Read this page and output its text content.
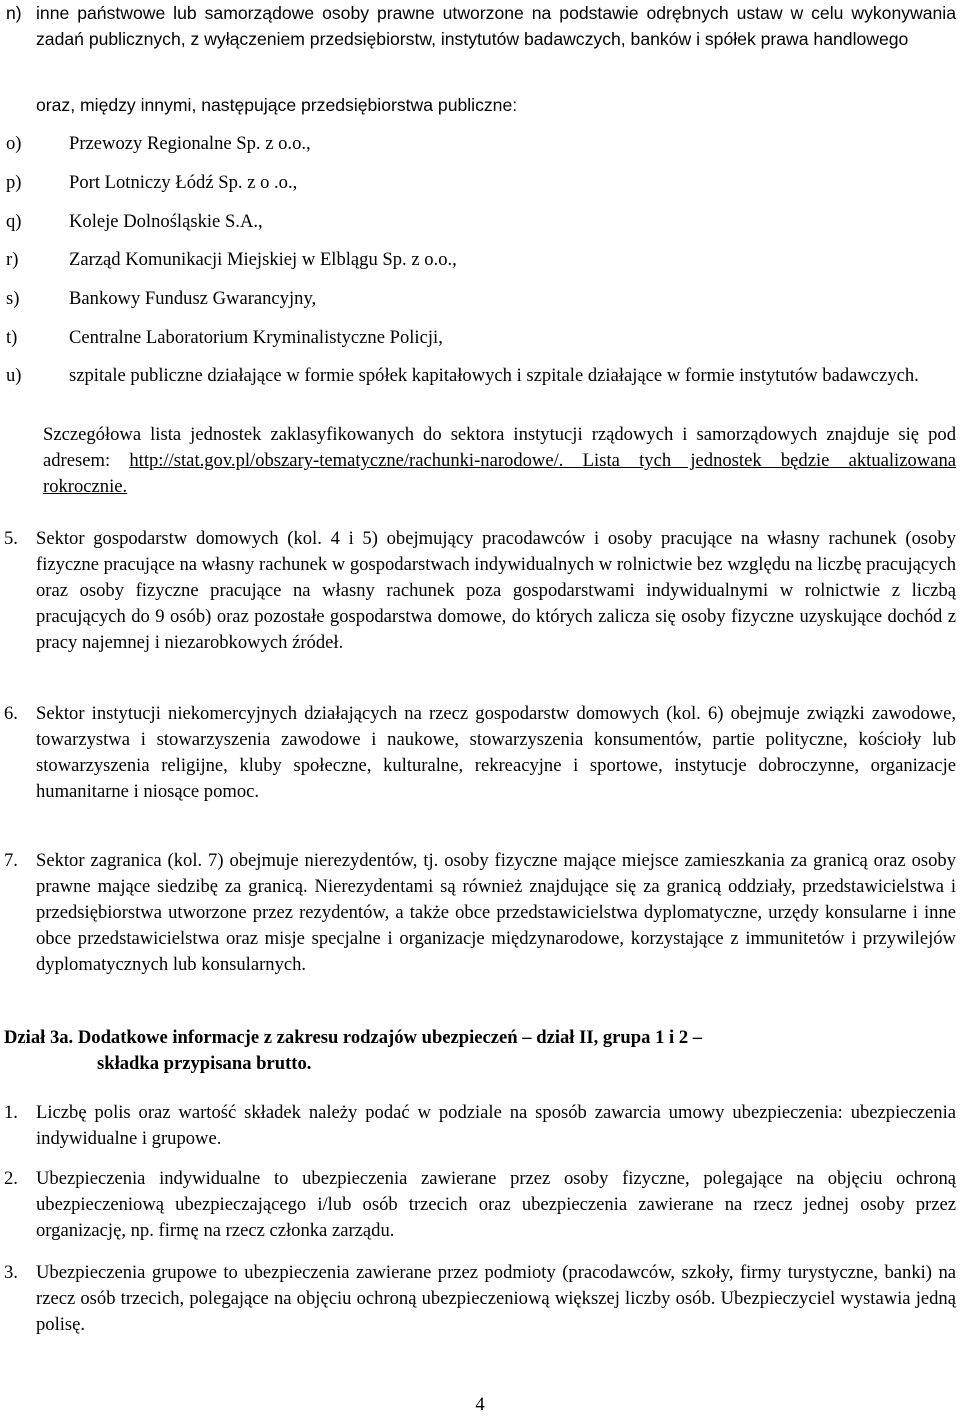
n) inne państwowe lub samorządowe osoby prawne utworzone na podstawie odrębnych ustaw w celu wykonywania zadań publicznych, z wyłączeniem przedsiębiorstw, instytutów badawczych, banków i spółek prawa handlowego
oraz, między innymi, następujące przedsiębiorstwa publiczne:
o)	Przewozy Regionalne Sp. z o.o.,
p)	Port Lotniczy Łódź Sp. z o .o.,
q)	Koleje Dolnośląskie S.A.,
r)	Zarząd Komunikacji Miejskiej w Elblągu Sp. z o.o.,
s)	Bankowy Fundusz Gwarancyjny,
t)	Centralne Laboratorium Kryminalistyczne Policji,
u)	szpitale publiczne działające w formie spółek kapitałowych i szpitale działające w formie instytutów badawczych.
Szczegółowa lista jednostek zaklasyfikowanych do sektora instytucji rządowych i samorządowych znajduje się pod adresem: http://stat.gov.pl/obszary-tematyczne/rachunki-narodowe/. Lista tych jednostek będzie aktualizowana rokrocznie.
5. Sektor gospodarstw domowych (kol. 4 i 5) obejmujący pracodawców i osoby pracujące na własny rachunek (osoby fizyczne pracujące na własny rachunek w gospodarstwach indywidualnych w rolnictwie bez względu na liczbę pracujących oraz osoby fizyczne pracujące na własny rachunek poza gospodarstwami indywidualnymi w rolnictwie z liczbą pracujących do 9 osób) oraz pozostałe gospodarstwa domowe, do których zalicza się osoby fizyczne uzyskujące dochód z pracy najemnej i niezarobkowych źródeł.
6. Sektor instytucji niekomercyjnych działających na rzecz gospodarstw domowych (kol. 6) obejmuje związki zawodowe, towarzystwa i stowarzyszenia zawodowe i naukowe, stowarzyszenia konsumentów, partie polityczne, kościoły lub stowarzyszenia religijne, kluby społeczne, kulturalne, rekreacyjne i sportowe, instytucje dobroczynne, organizacje humanitarne i niosące pomoc.
7. Sektor zagranica (kol. 7) obejmuje nierezydentów, tj. osoby fizyczne mające miejsce zamieszkania za granicą oraz osoby prawne mające siedzibę za granicą. Nierezydentami są również znajdujące się za granicą oddziały, przedstawicielstwa i przedsiębiorstwa utworzone przez rezydentów, a także obce przedstawicielstwa dyplomatyczne, urzędy konsularne i inne obce przedstawicielstwa oraz misje specjalne i organizacje międzynarodowe, korzystające z immunitetów i przywilejów dyplomatycznych lub konsularnych.
Dział 3a. Dodatkowe informacje z zakresu rodzajów ubezpieczeń – dział II, grupa 1 i 2 –
składka przypisana brutto.
1. Liczbę polis oraz wartość składek należy podać w podziale na sposób zawarcia umowy ubezpieczenia: ubezpieczenia indywidualne i grupowe.
2. Ubezpieczenia indywidualne to ubezpieczenia zawierane przez osoby fizyczne, polegające na objęciu ochroną ubezpieczeniową ubezpieczającego i/lub osób trzecich oraz ubezpieczenia zawierane na rzecz jednej osoby przez organizację, np. firmę na rzecz członka zarządu.
3. Ubezpieczenia grupowe to ubezpieczenia zawierane przez podmioty (pracodawców, szkoły, firmy turystyczne, banki) na rzecz osób trzecich, polegające na objęciu ochroną ubezpieczeniową większej liczby osób. Ubezpieczyciel wystawia jedną polisę.
4
